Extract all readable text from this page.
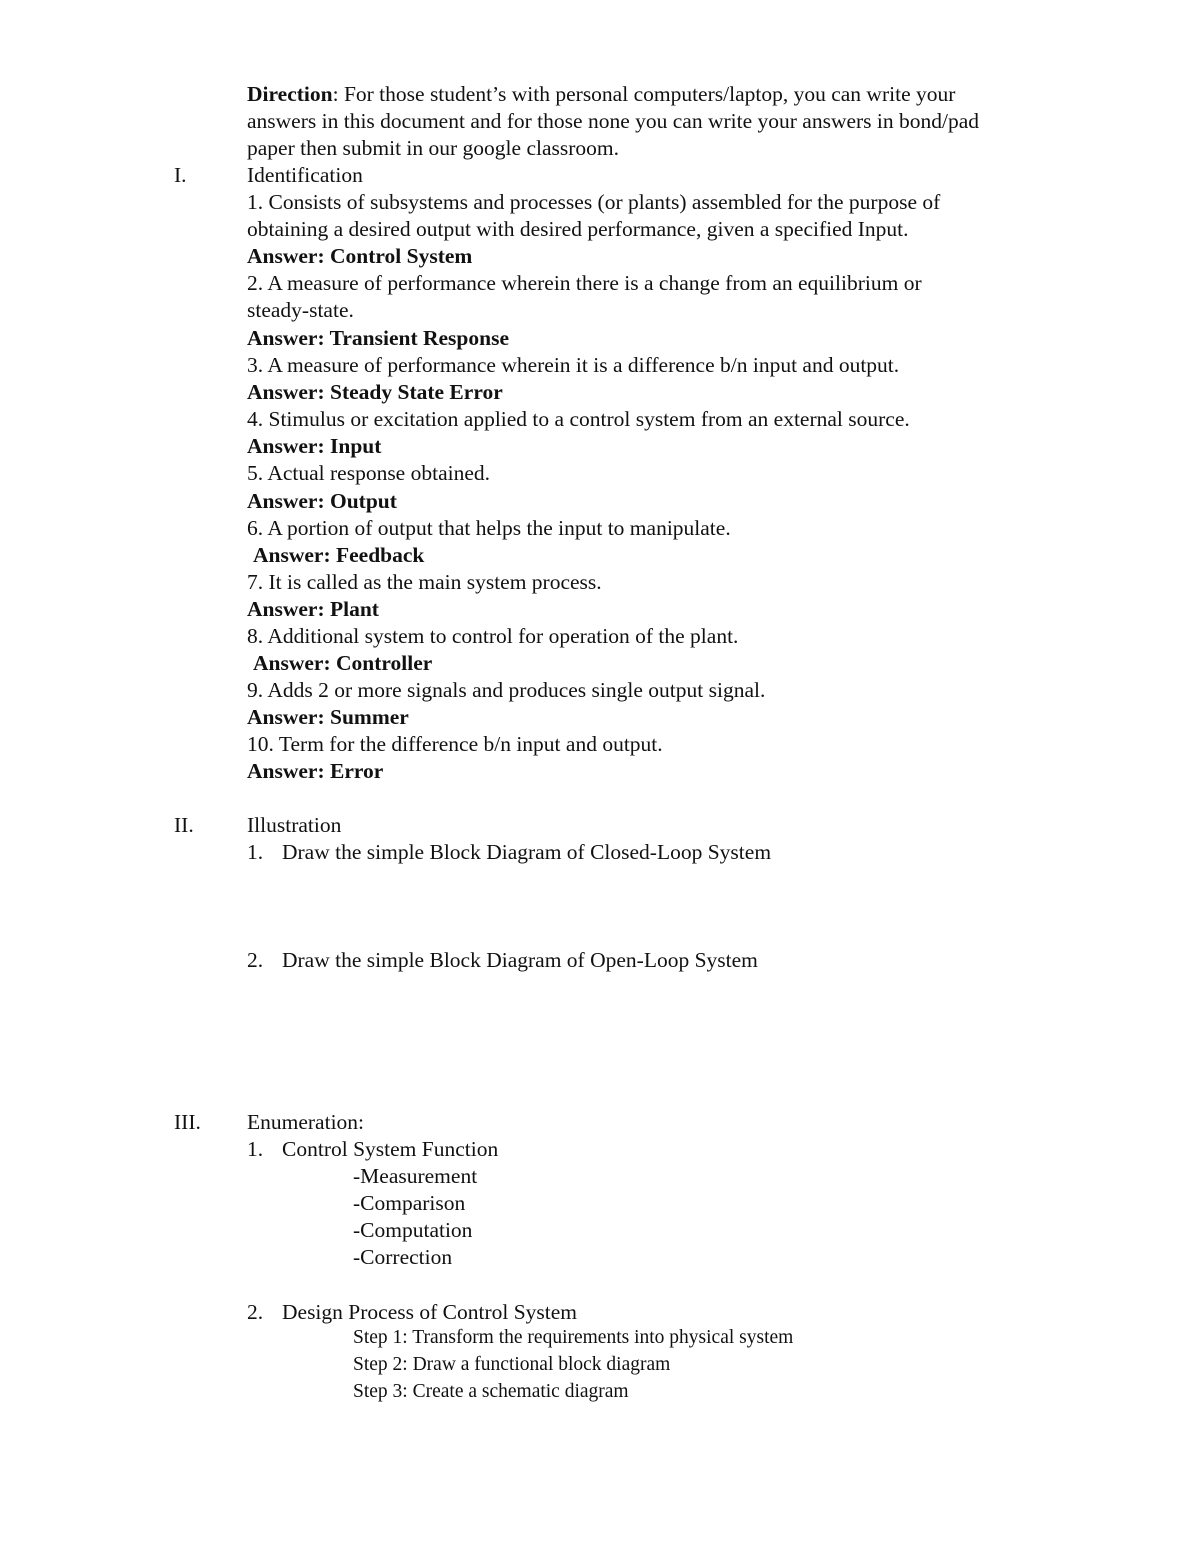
Direction: For those student’s with personal computers/laptop, you can write your
answers in this document and for those none you can write your answers in bond/pad
paper then submit in our google classroom.
I.	Identification
1. Consists of subsystems and processes (or plants) assembled for the purpose of
obtaining a desired output with desired performance, given a specified Input.
Answer: Control System
2. A measure of performance wherein there is a change from an equilibrium or
steady-state.
Answer: Transient Response
3. A measure of performance wherein it is a difference b/n input and output.
Answer: Steady State Error
4. Stimulus or excitation applied to a control system from an external source.
Answer: Input
5. Actual response obtained.
Answer: Output
6. A portion of output that helps the input to manipulate.
Answer: Feedback
7. It is called as the main system process.
Answer: Plant
8. Additional system to control for operation of the plant.
Answer: Controller
9. Adds 2 or more signals and produces single output signal.
Answer: Summer
10. Term for the difference b/n input and output.
Answer: Error
II. Illustration
1. Draw the simple Block Diagram of Closed-Loop System
2. Draw the simple Block Diagram of Open-Loop System
III. Enumeration:
1. Control System Function
-Measurement
-Comparison
-Computation
-Correction
2. Design Process of Control System
Step 1: Transform the requirements into physical system
Step 2: Draw a functional block diagram
Step 3: Create a schematic diagram
